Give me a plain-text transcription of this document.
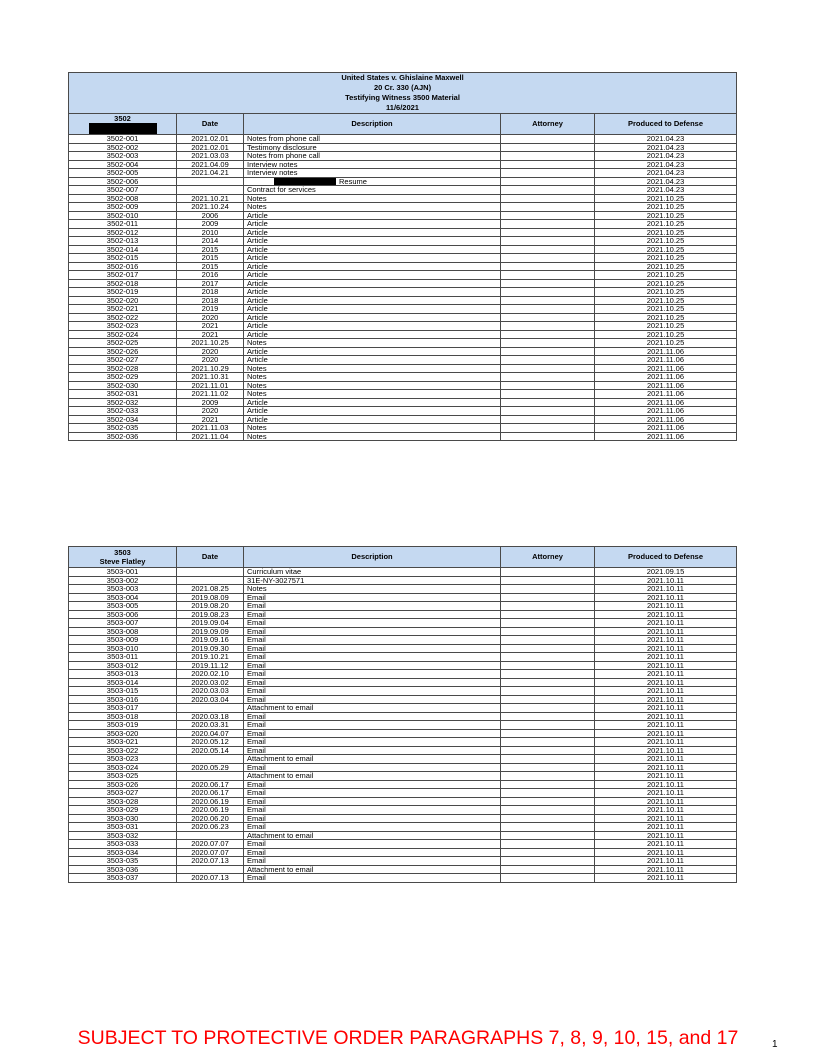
United States v. Ghislaine Maxwell
20 Cr. 330 (AJN)
Testifying Witness 3500 Material
11/6/2021				

3502	Date	Description	Attorney	Produced to Defense
3502-001	2021.02.01	Notes from phone call		2021.04.23
3502-002	2021.02.01	Testimony disclosure		2021.04.23
3502-003	2021.03.03	Notes from phone call		2021.04.23
3502-004	2021.04.09	Interview notes		2021.04.23
3502-005	2021.04.21	Interview notes		2021.04.23
3502-006		Resume		2021.04.23
3502-007		Contract for services		2021.04.23
3502-008	2021.10.21	Notes		2021.10.25
3502-009	2021.10.24	Notes		2021.10.25
3502-010	2006	Article		2021.10.25
3502-011	2009	Article		2021.10.25
3502-012	2010	Article		2021.10.25
3502-013	2014	Article		2021.10.25
3502-014	2015	Article		2021.10.25
3502-015	2015	Article		2021.10.25
3502-016	2015	Article		2021.10.25
3502-017	2016	Article		2021.10.25
3502-018	2017	Article		2021.10.25
3502-019	2018	Article		2021.10.25
3502-020	2018	Article		2021.10.25
3502-021	2019	Article		2021.10.25
3502-022	2020	Article		2021.10.25
3502-023	2021	Article		2021.10.25
3502-024	2021	Article		2021.10.25
3502-025	2021.10.25	Notes		2021.10.25
3502-026	2020	Article		2021.11.06
3502-027	2020	Article		2021.11.06
3502-028	2021.10.29	Notes		2021.11.06
3502-029	2021.10.31	Notes		2021.11.06
3502-030	2021.11.01	Notes		2021.11.06
3502-031	2021.11.02	Notes		2021.11.06
3502-032	2009	Article		2021.11.06
3502-033	2020	Article		2021.11.06
3502-034	2021	Article		2021.11.06
3502-035	2021.11.03	Notes		2021.11.06
3502-036	2021.11.04	Notes		2021.11.06
3503
Steve Flatley	Date	Description	Attorney	Produced to Defense
3503-001		Curriculum vitae		2021.09.15
3503-002		31E-NY-3027571		2021.10.11
3503-003	2021.08.25	Notes		2021.10.11
3503-004	2019.08.09	Email		2021.10.11
3503-005	2019.08.20	Email		2021.10.11
3503-006	2019.08.23	Email		2021.10.11
3503-007	2019.09.04	Email		2021.10.11
3503-008	2019.09.09	Email		2021.10.11
3503-009	2019.09.16	Email		2021.10.11
3503-010	2019.09.30	Email		2021.10.11
3503-011	2019.10.21	Email		2021.10.11
3503-012	2019.11.12	Email		2021.10.11
3503-013	2020.02.10	Email		2021.10.11
3503-014	2020.03.02	Email		2021.10.11
3503-015	2020.03.03	Email		2021.10.11
3503-016	2020.03.04	Email		2021.10.11
3503-017		Attachment to email		2021.10.11
3503-018	2020.03.18	Email		2021.10.11
3503-019	2020.03.31	Email		2021.10.11
3503-020	2020.04.07	Email		2021.10.11
3503-021	2020.05.12	Email		2021.10.11
3503-022	2020.05.14	Email		2021.10.11
3503-023		Attachment to email		2021.10.11
3503-024	2020.05.29	Email		2021.10.11
3503-025		Attachment to email		2021.10.11
3503-026	2020.06.17	Email		2021.10.11
3503-027	2020.06.17	Email		2021.10.11
3503-028	2020.06.19	Email		2021.10.11
3503-029	2020.06.19	Email		2021.10.11
3503-030	2020.06.20	Email		2021.10.11
3503-031	2020.06.23	Email		2021.10.11
3503-032		Attachment to email		2021.10.11
3503-033	2020.07.07	Email		2021.10.11
3503-034	2020.07.07	Email		2021.10.11
3503-035	2020.07.13	Email		2021.10.11
3503-036		Attachment to email		2021.10.11
3503-037	2020.07.13	Email		2021.10.11
SUBJECT TO PROTECTIVE ORDER PARAGRAPHS 7, 8, 9, 10, 15, and 17	1
